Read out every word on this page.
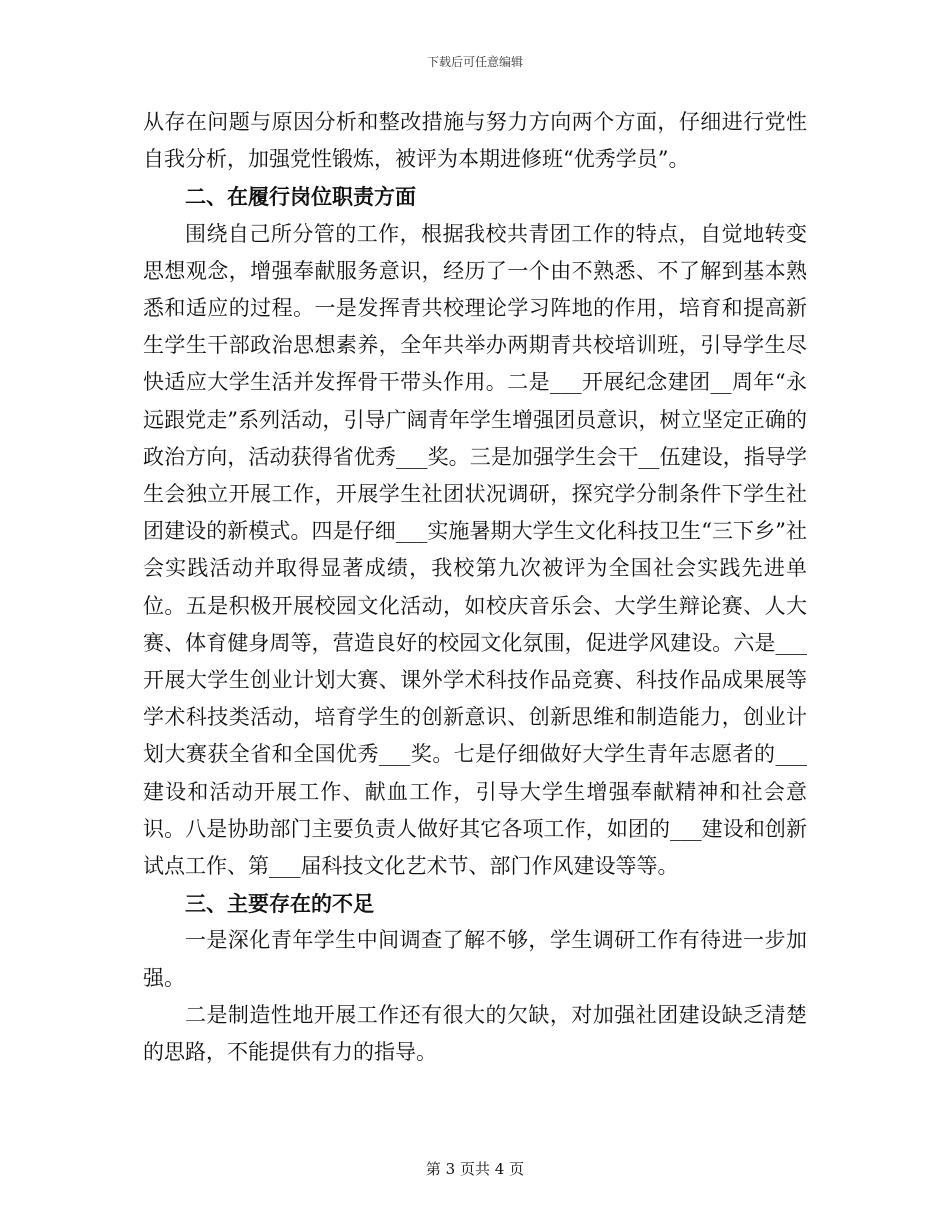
下载后可任意编辑

从存在问题与原因分析和整改措施与努力方向两个方面，仔细进行党性自我分析，加强党性锻炼，被评为本期进修班“优秀学员”。

二、在履行岗位职责方面

围绕自己所分管的工作，根据我校共青团工作的特点，自觉地转变思想观念，增强奉献服务意识，经历了一个由不熟悉、不了解到基本熟悉和适应的过程。一是发挥青共校理论学习阵地的作用，培育和提高新生学生干部政治思想素养，全年共举办两期青共校培训班，引导学生尽快适应大学生活并发挥骨干带头作用。二是___开展纪念建团__周年“永远跟党走”系列活动，引导广阔青年学生增强团员意识，树立坚定正确的政治方向，活动获得省优秀___奖。三是加强学生会干__伍建设，指导学生会独立开展工作，开展学生社团状况调研，探究学分制条件下学生社团建设的新模式。四是仔细___实施暑期大学生文化科技卫生“三下乡”社会实践活动并取得显著成绩，我校第九次被评为全国社会实践先进单位。五是积极开展校园文化活动，如校庆音乐会、大学生辩论赛、人大赛、体育健身周等，营造良好的校园文化氛围，促进学风建设。六是___开展大学生创业计划大赛、课外学术科技作品竞赛、科技作品成果展等学术科技类活动，培育学生的创新意识、创新思维和制造能力，创业计划大赛获全省和全国优秀___奖。七是仔细做好大学生青年志愿者的___建设和活动开展工作、献血工作，引导大学生增强奉献精神和社会意识。八是协助部门主要负责人做好其它各项工作，如团的___建设和创新试点工作、第___届科技文化艺术节、部门作风建设等等。

三、主要存在的不足

一是深化青年学生中间调查了解不够，学生调研工作有待进一步加强。

二是制造性地开展工作还有很大的欠缺，对加强社团建设缺乏清楚的思路，不能提供有力的指导。

第 3 页共 4 页
